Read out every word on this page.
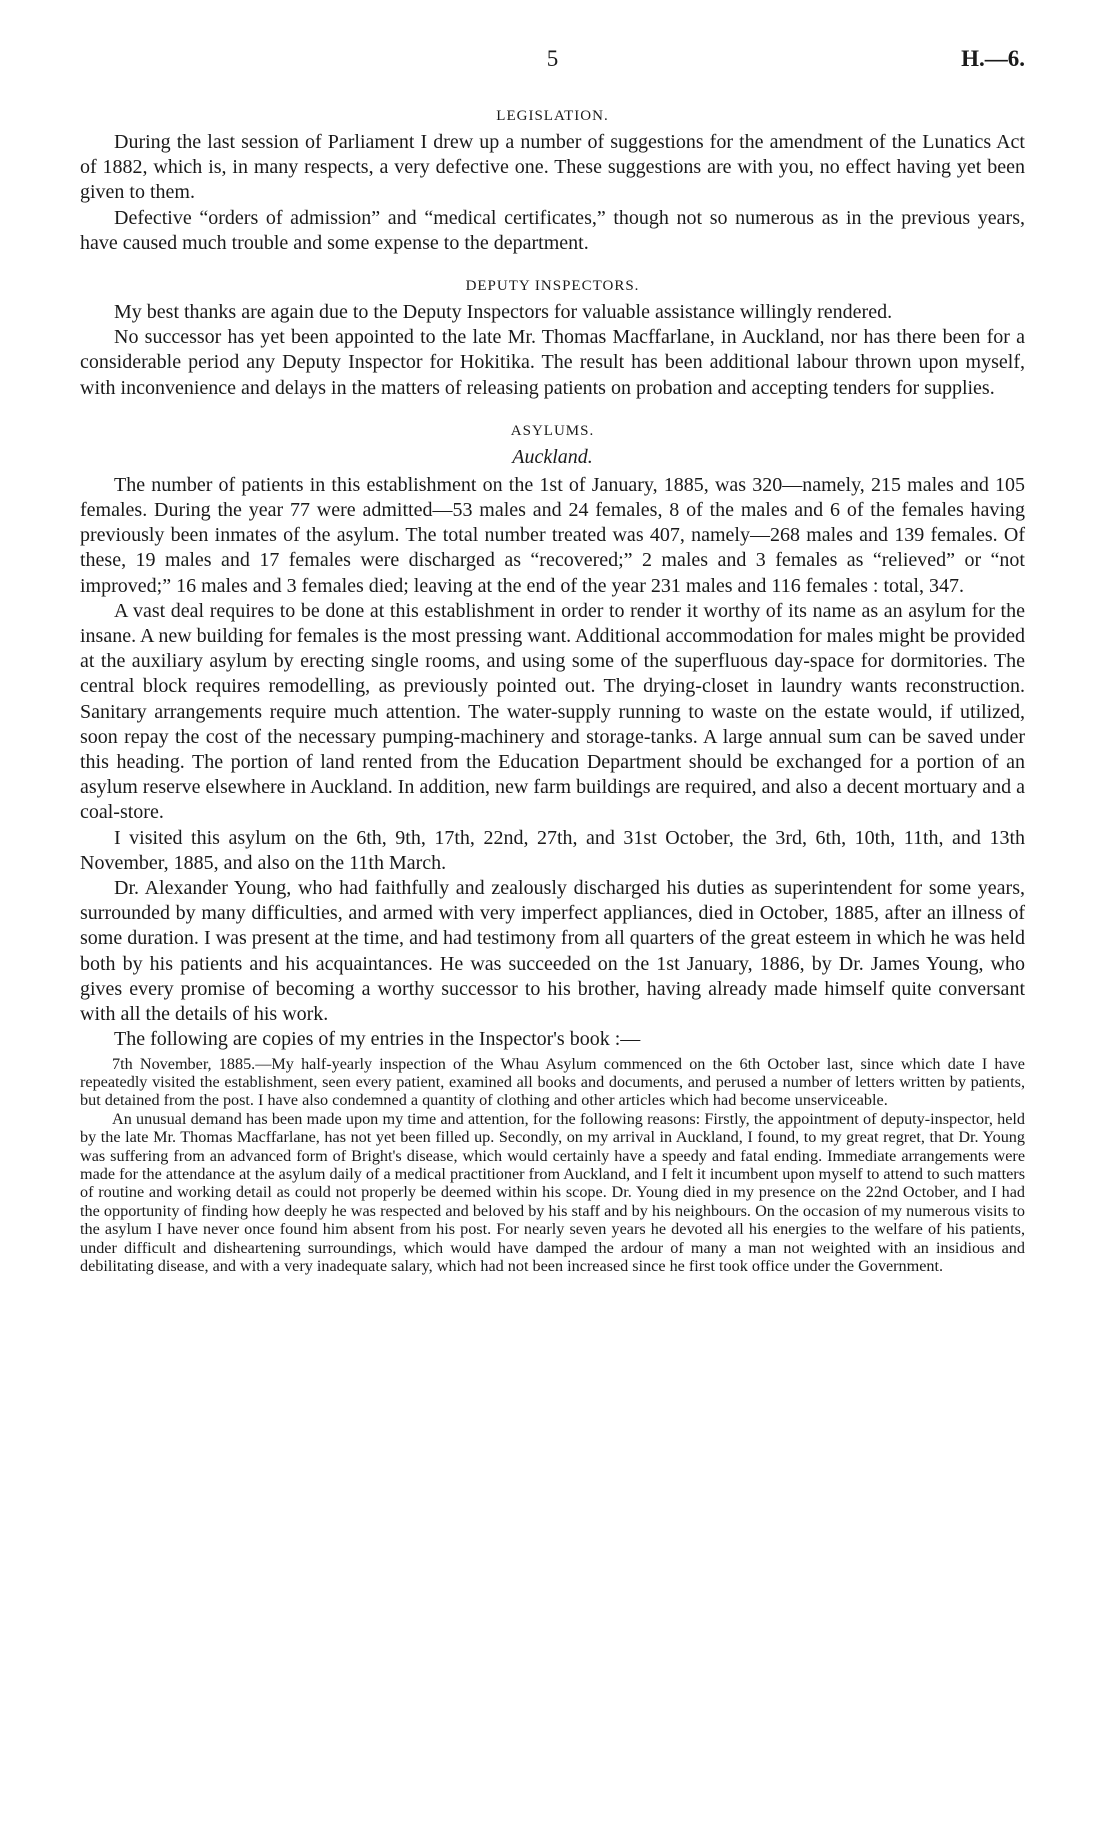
5	H.—6.
LEGISLATION.

During the last session of Parliament I drew up a number of suggestions for the amendment of the Lunatics Act of 1882, which is, in many respects, a very defective one. These suggestions are with you, no effect having yet been given to them.

Defective “orders of admission” and “medical certificates,” though not so numerous as in the previous years, have caused much trouble and some expense to the department.

DEPUTY INSPECTORS.

My best thanks are again due to the Deputy Inspectors for valuable assistance willingly rendered.

No successor has yet been appointed to the late Mr. Thomas Macffarlane, in Auckland, nor has there been for a considerable period any Deputy Inspector for Hokitika. The result has been additional labour thrown upon myself, with inconvenience and delays in the matters of releasing patients on probation and accepting tenders for supplies.

ASYLUMS.
Auckland.

The number of patients in this establishment on the 1st of January, 1885, was 320—namely, 215 males and 105 females. During the year 77 were admitted—53 males and 24 females, 8 of the males and 6 of the females having previously been inmates of the asylum. The total number treated was 407, namely—268 males and 139 females. Of these, 19 males and 17 females were discharged as “recovered;” 2 males and 3 females as “relieved” or “not improved;” 16 males and 3 females died; leaving at the end of the year 231 males and 116 females : total, 347.

A vast deal requires to be done at this establishment in order to render it worthy of its name as an asylum for the insane. A new building for females is the most pressing want. Additional accommodation for males might be provided at the auxiliary asylum by erecting single rooms, and using some of the superfluous day-space for dormitories. The central block requires remodelling, as previously pointed out. The drying-closet in laundry wants reconstruction. Sanitary arrangements require much attention. The water-supply running to waste on the estate would, if utilized, soon repay the cost of the necessary pumping-machinery and storage-tanks. A large annual sum can be saved under this heading. The portion of land rented from the Education Department should be exchanged for a portion of an asylum reserve elsewhere in Auckland. In addition, new farm buildings are required, and also a decent mortuary and a coal-store.

I visited this asylum on the 6th, 9th, 17th, 22nd, 27th, and 31st October, the 3rd, 6th, 10th, 11th, and 13th November, 1885, and also on the 11th March.

Dr. Alexander Young, who had faithfully and zealously discharged his duties as superintendent for some years, surrounded by many difficulties, and armed with very imperfect appliances, died in October, 1885, after an illness of some duration. I was present at the time, and had testimony from all quarters of the great esteem in which he was held both by his patients and his acquaintances. He was succeeded on the 1st January, 1886, by Dr. James Young, who gives every promise of becoming a worthy successor to his brother, having already made himself quite conversant with all the details of his work.

The following are copies of my entries in the Inspector's book :—

7th November, 1885.—My half-yearly inspection of the Whau Asylum commenced on the 6th October last, since which date I have repeatedly visited the establishment, seen every patient, examined all books and documents, and perused a number of letters written by patients, but detained from the post. I have also condemned a quantity of clothing and other articles which had become unserviceable.

An unusual demand has been made upon my time and attention, for the following reasons: Firstly, the appointment of deputy-inspector, held by the late Mr. Thomas Macffarlane, has not yet been filled up. Secondly, on my arrival in Auckland, I found, to my great regret, that Dr. Young was suffering from an advanced form of Bright's disease, which would certainly have a speedy and fatal ending. Immediate arrangements were made for the attendance at the asylum daily of a medical practitioner from Auckland, and I felt it incumbent upon myself to attend to such matters of routine and working detail as could not properly be deemed within his scope. Dr. Young died in my presence on the 22nd October, and I had the opportunity of finding how deeply he was respected and beloved by his staff and by his neighbours. On the occasion of my numerous visits to the asylum I have never once found him absent from his post. For nearly seven years he devoted all his energies to the welfare of his patients, under difficult and disheartening surroundings, which would have damped the ardour of many a man not weighted with an insidious and debilitating disease, and with a very inadequate salary, which had not been increased since he first took office under the Government.
